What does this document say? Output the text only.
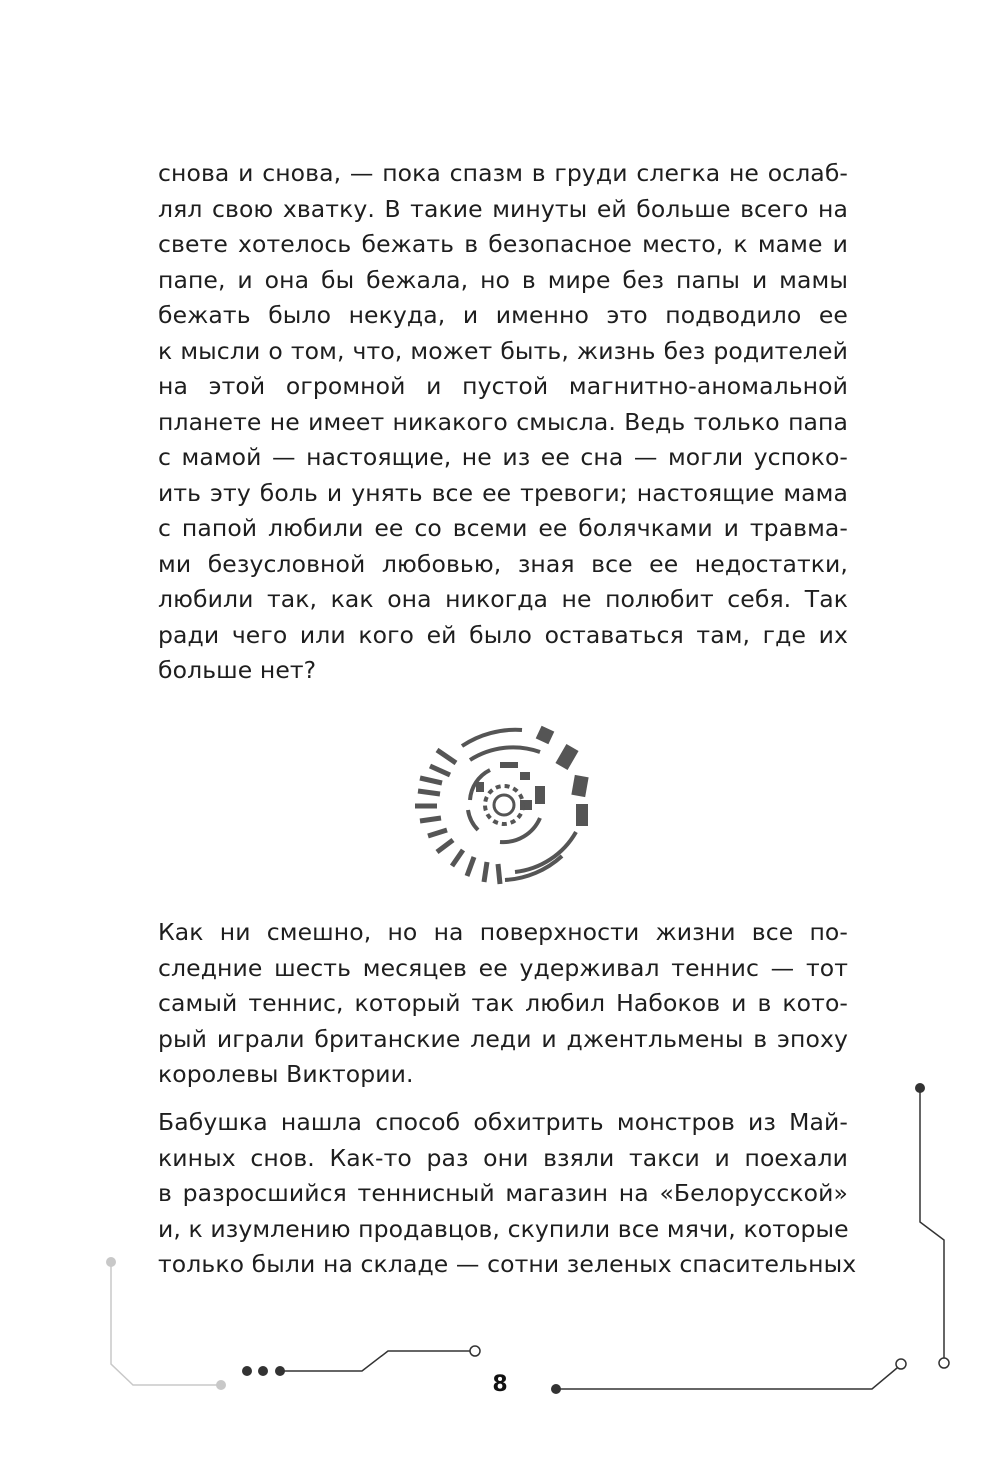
снова и снова, — пока спазм в груди слегка не ослаб-
лял свою хватку. В такие минуты ей больше всего на
свете хотелось бежать в безопасное место, к маме и
папе, и она бы бежала, но в мире без папы и мамы
бежать было некуда, и именно это подводило ее
к мысли о том, что, может быть, жизнь без родителей
на этой огромной и пустой магнитно-аномальной
планете не имеет никакого смысла. Ведь только папа
с мамой — настоящие, не из ее сна — могли успоко-
ить эту боль и унять все ее тревоги; настоящие мама
с папой любили ее со всеми ее болячками и травма-
ми безусловной любовью, зная все ее недостатки,
любили так, как она никогда не полюбит себя. Так
ради чего или кого ей было оставаться там, где их
больше нет?
Как ни смешно, но на поверхности жизни все по-
следние шесть месяцев ее удерживал теннис — тот
самый теннис, который так любил Набоков и в кото-
рый играли британские леди и джентльмены в эпоху
королевы Виктории.
Бабушка нашла способ обхитрить монстров из Май-
киных снов. Как-то раз они взяли такси и поехали
в разросшийся теннисный магазин на «Белорусской»
и, к изумлению продавцов, скупили все мячи, которые
только были на складе — сотни зеленых спасительных
8
